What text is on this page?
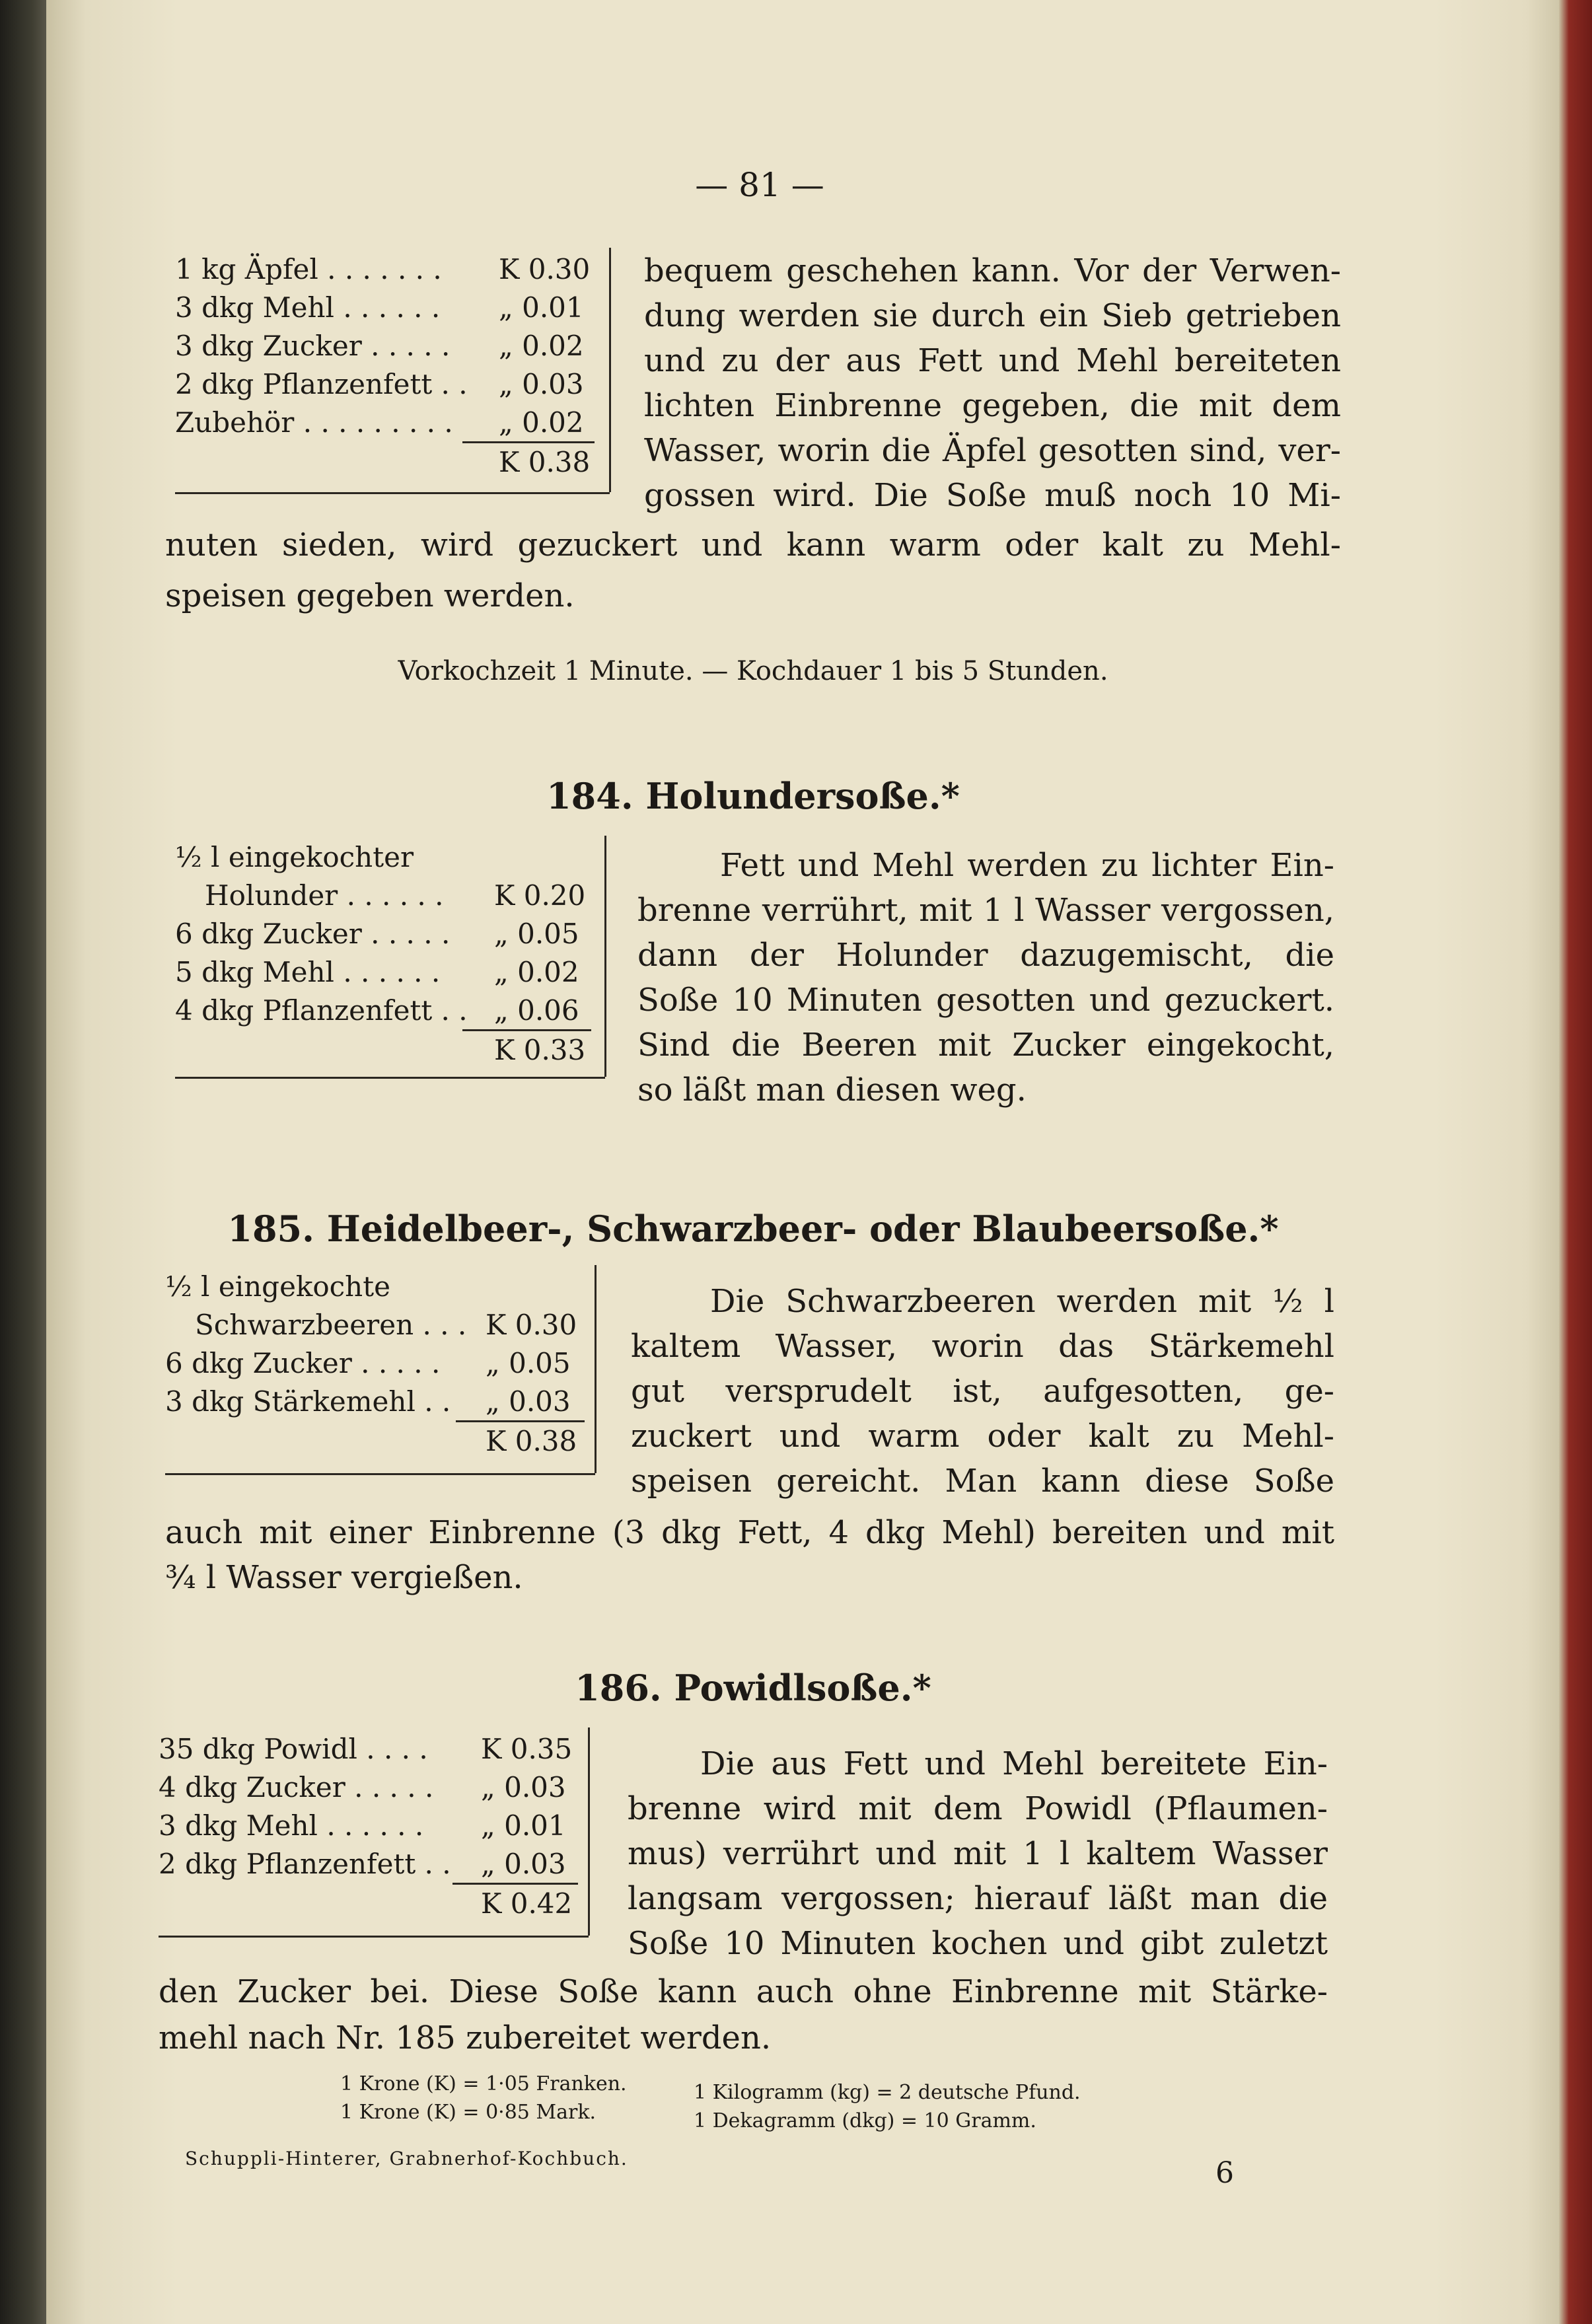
— 81 —
1 kg Äpfel . . . . . . . K 0.30
3 dkg Mehl . . . . . . „ 0.01
3 dkg Zucker . . . . . „ 0.02
2 dkg Pflanzenfett . . „ 0.03
Zubehör . . . . . . . . . „ 0.02
K 0.38
bequem geschehen kann. Vor der Verwen-
dung werden sie durch ein Sieb getrieben
und zu der aus Fett und Mehl bereiteten
lichten Einbrenne gegeben, die mit dem
Wasser, worin die Äpfel gesotten sind, ver-
gossen wird. Die Soße muß noch 10 Mi-
nuten sieden, wird gezuckert und kann warm oder kalt zu Mehl-
speisen gegeben werden.
Vorkochzeit 1 Minute. — Kochdauer 1 bis 5 Stunden.
184. Holundersoße.*
½ l eingekochter
Holunder . . . . . . K 0.20
6 dkg Zucker . . . . . „ 0.05
5 dkg Mehl . . . . . . „ 0.02
4 dkg Pflanzenfett . . „ 0.06
K 0.33
Fett und Mehl werden zu lichter Ein-
brenne verrührt, mit 1 l Wasser vergossen,
dann der Holunder dazugemischt, die
Soße 10 Minuten gesotten und gezuckert.
Sind die Beeren mit Zucker eingekocht,
so läßt man diesen weg.
185. Heidelbeer-, Schwarzbeer- oder Blaubeersoße.*
½ l eingekochte
Schwarzbeeren . . . K 0.30
6 dkg Zucker . . . . . „ 0.05
3 dkg Stärkemehl . . „ 0.03
K 0.38
Die Schwarzbeeren werden mit ½ l
kaltem Wasser, worin das Stärkemehl
gut versprudelt ist, aufgesotten, ge-
zuckert und warm oder kalt zu Mehl-
speisen gereicht. Man kann diese Soße
auch mit einer Einbrenne (3 dkg Fett, 4 dkg Mehl) bereiten und mit
¾ l Wasser vergießen.
186. Powidlsoße.*
35 dkg Powidl . . . . K 0.35
4 dkg Zucker . . . . . „ 0.03
3 dkg Mehl . . . . . . „ 0.01
2 dkg Pflanzenfett . . „ 0.03
K 0.42
Die aus Fett und Mehl bereitete Ein-
brenne wird mit dem Powidl (Pflaumen-
mus) verrührt und mit 1 l kaltem Wasser
langsam vergossen; hierauf läßt man die
Soße 10 Minuten kochen und gibt zuletzt
den Zucker bei. Diese Soße kann auch ohne Einbrenne mit Stärke-
mehl nach Nr. 185 zubereitet werden.
1 Krone (K) = 1·05 Franken.
1 Krone (K) = 0·85 Mark.
1 Kilogramm (kg) = 2 deutsche Pfund.
1 Dekagramm (dkg) = 10 Gramm.
Schuppli-Hinterer, Grabnerhof-Kochbuch.	6
